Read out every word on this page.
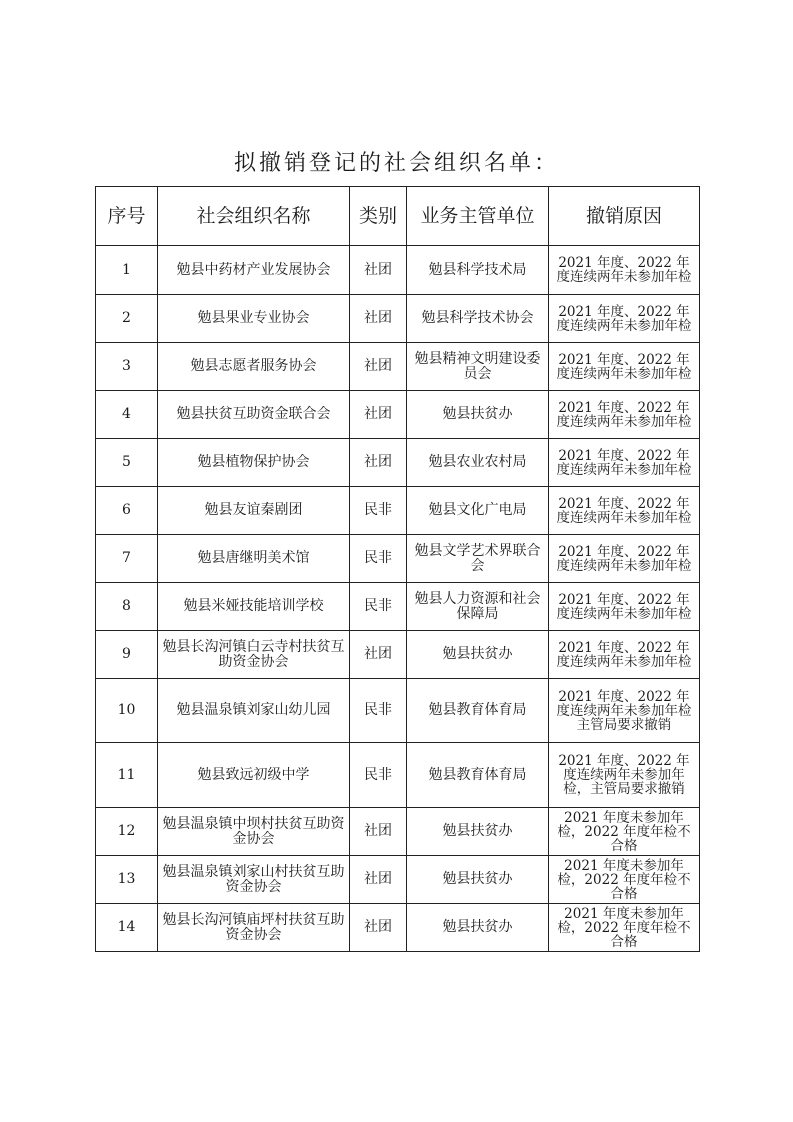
拟撤销登记的社会组织名单：
序号	社会组织名称	类别	业务主管单位	撤销原因
1	勉县中药材产业发展协会	社团	勉县科学技术局	2021 年度、2022 年度连续两年未参加年检
2	勉县果业专业协会	社团	勉县科学技术协会	2021 年度、2022 年度连续两年未参加年检
3	勉县志愿者服务协会	社团	勉县精神文明建设委员会	2021 年度、2022 年度连续两年未参加年检
4	勉县扶贫互助资金联合会	社团	勉县扶贫办	2021 年度、2022 年度连续两年未参加年检
5	勉县植物保护协会	社团	勉县农业农村局	2021 年度、2022 年度连续两年未参加年检
6	勉县友谊秦剧团	民非	勉县文化广电局	2021 年度、2022 年度连续两年未参加年检
7	勉县唐继明美术馆	民非	勉县文学艺术界联合会	2021 年度、2022 年度连续两年未参加年检
8	勉县米娅技能培训学校	民非	勉县人力资源和社会保障局	2021 年度、2022 年度连续两年未参加年检
9	勉县长沟河镇白云寺村扶贫互助资金协会	社团	勉县扶贫办	2021 年度、2022 年度连续两年未参加年检
10	勉县温泉镇刘家山幼儿园	民非	勉县教育体育局	2021 年度、2022 年度连续两年未参加年检主管局要求撤销
11	勉县致远初级中学	民非	勉县教育体育局	2021 年度、2022 年度连续两年未参加年检，主管局要求撤销
12	勉县温泉镇中坝村扶贫互助资金协会	社团	勉县扶贫办	2021 年度未参加年检，2022 年度年检不合格
13	勉县温泉镇刘家山村扶贫互助资金协会	社团	勉县扶贫办	2021 年度未参加年检，2022 年度年检不合格
14	勉县长沟河镇庙坪村扶贫互助资金协会	社团	勉县扶贫办	2021 年度未参加年检，2022 年度年检不合格
